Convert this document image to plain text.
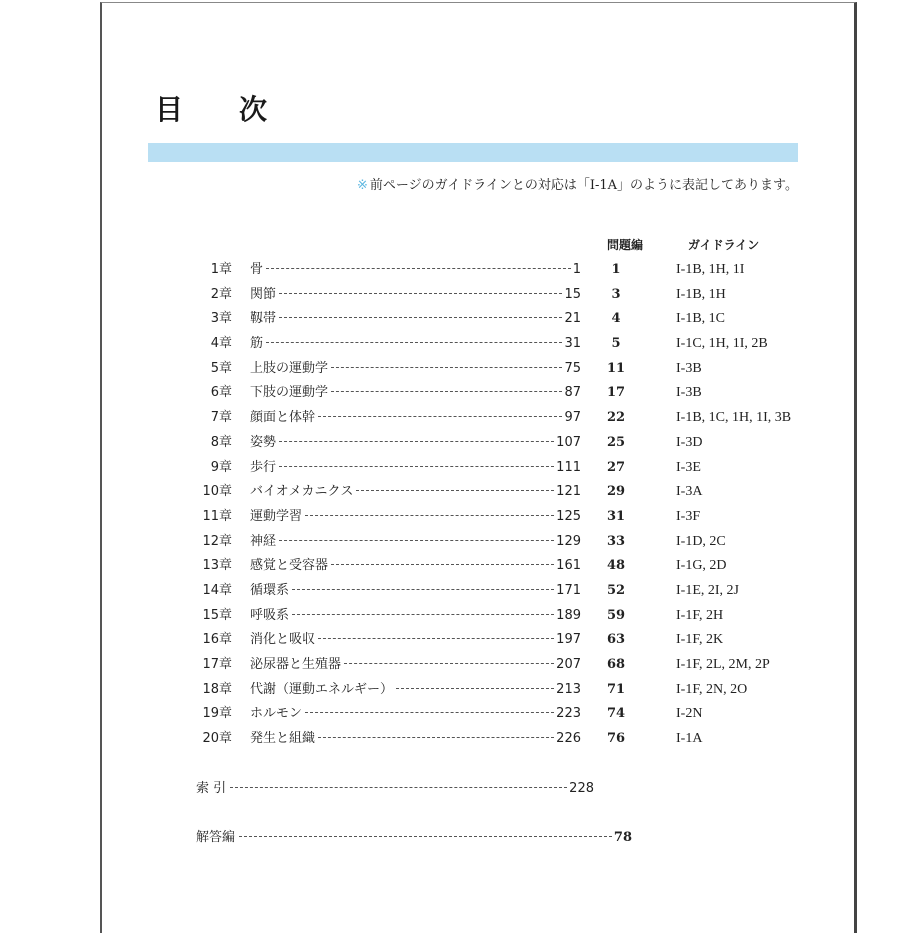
目　次
※ 前ページのガイドラインとの対応は「I-1A」のように表記してあります。
問題編	ガイドライン
1章 骨	1	1	I-1B, 1H, 1I
2章 関節	15	3	I-1B, 1H
3章 靱帯	21	4	I-1B, 1C
4章 筋	31	5	I-1C, 1H, 1I, 2B
5章 上肢の運動学	75	11	I-3B
6章 下肢の運動学	87	17	I-3B
7章 顔面と体幹	97	22	I-1B, 1C, 1H, 1I, 3B
8章 姿勢	107	25	I-3D
9章 歩行	111	27	I-3E
10章 バイオメカニクス	121	29	I-3A
11章 運動学習	125	31	I-3F
12章 神経	129	33	I-1D, 2C
13章 感覚と受容器	161	48	I-1G, 2D
14章 循環系	171	52	I-1E, 2I, 2J
15章 呼吸系	189	59	I-1F, 2H
16章 消化と吸収	197	63	I-1F, 2K
17章 泌尿器と生殖器	207	68	I-1F, 2L, 2M, 2P
18章 代謝（運動エネルギー）	213	71	I-1F, 2N, 2O
19章 ホルモン	223	74	I-2N
20章 発生と組織	226	76	I-1A
索 引	228
解答編	78
